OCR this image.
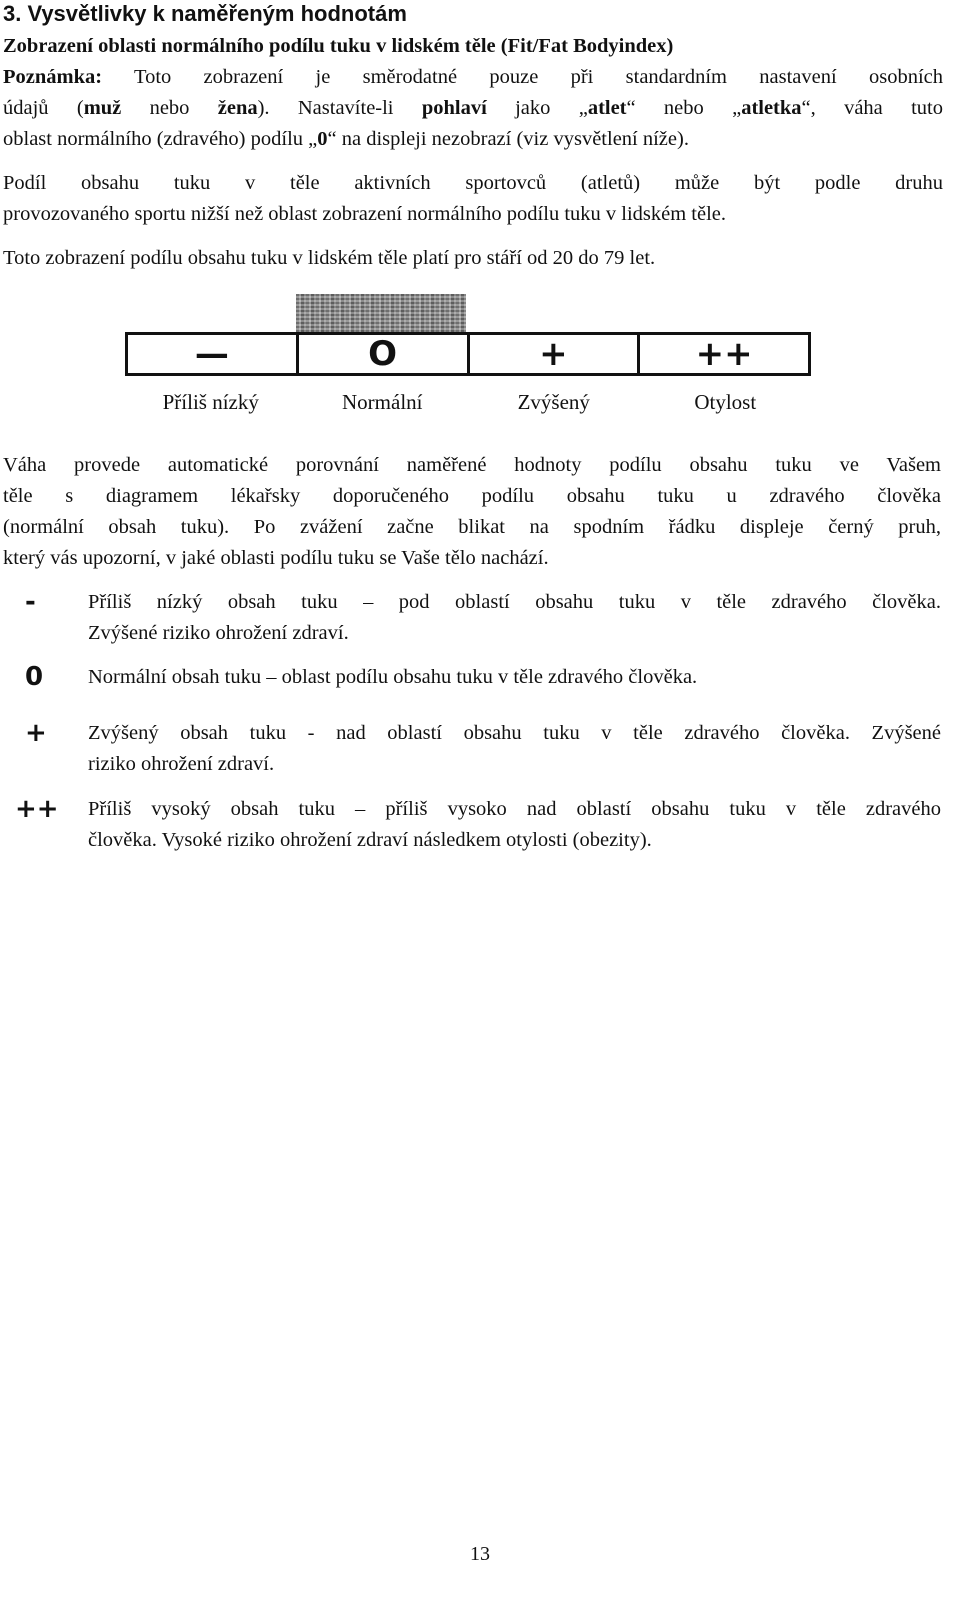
3. Vysvětlivky k naměřeným hodnotám

Zobrazení oblasti normálního podílu tuku v lidském těle (Fit/Fat Bodyindex)

Poznámka: Toto zobrazení je směrodatné pouze při standardním nastavení osobních
údajů (muž nebo žena). Nastavíte-li pohlaví jako „atlet“ nebo „atletka“, váha tuto
oblast normálního (zdravého) podílu „0“ na displeji nezobrazí (viz vysvětlení níže).

Podíl obsahu tuku v těle aktivních sportovců (atletů) může být podle druhu
provozovaného sportu nižší než oblast zobrazení normálního podílu tuku v lidském těle.

Toto zobrazení podílu obsahu tuku v lidském těle platí pro stáří od 20 do 79 let.

—	O	+	++
Příliš nízký	Normální	Zvýšený	Otylost

Váha provede automatické porovnání naměřené hodnoty podílu obsahu tuku ve Vašem
těle s diagramem lékařsky doporučeného podílu obsahu tuku u zdravého člověka
(normální obsah tuku). Po zvážení začne blikat na spodním řádku displeje černý pruh,
který vás upozorní, v jaké oblasti podílu tuku se Vaše tělo nachází.

-	Příliš nízký obsah tuku – pod oblastí obsahu tuku v těle zdravého člověka.
Zvýšené riziko ohrožení zdraví.
0	Normální obsah tuku – oblast podílu obsahu tuku v těle zdravého člověka.
+	Zvýšený obsah tuku - nad oblastí obsahu tuku v těle zdravého člověka. Zvýšené
riziko ohrožení zdraví.
++	Příliš vysoký obsah tuku – příliš vysoko nad oblastí obsahu tuku v těle zdravého
člověka. Vysoké riziko ohrožení zdraví následkem otylosti (obezity).
13
